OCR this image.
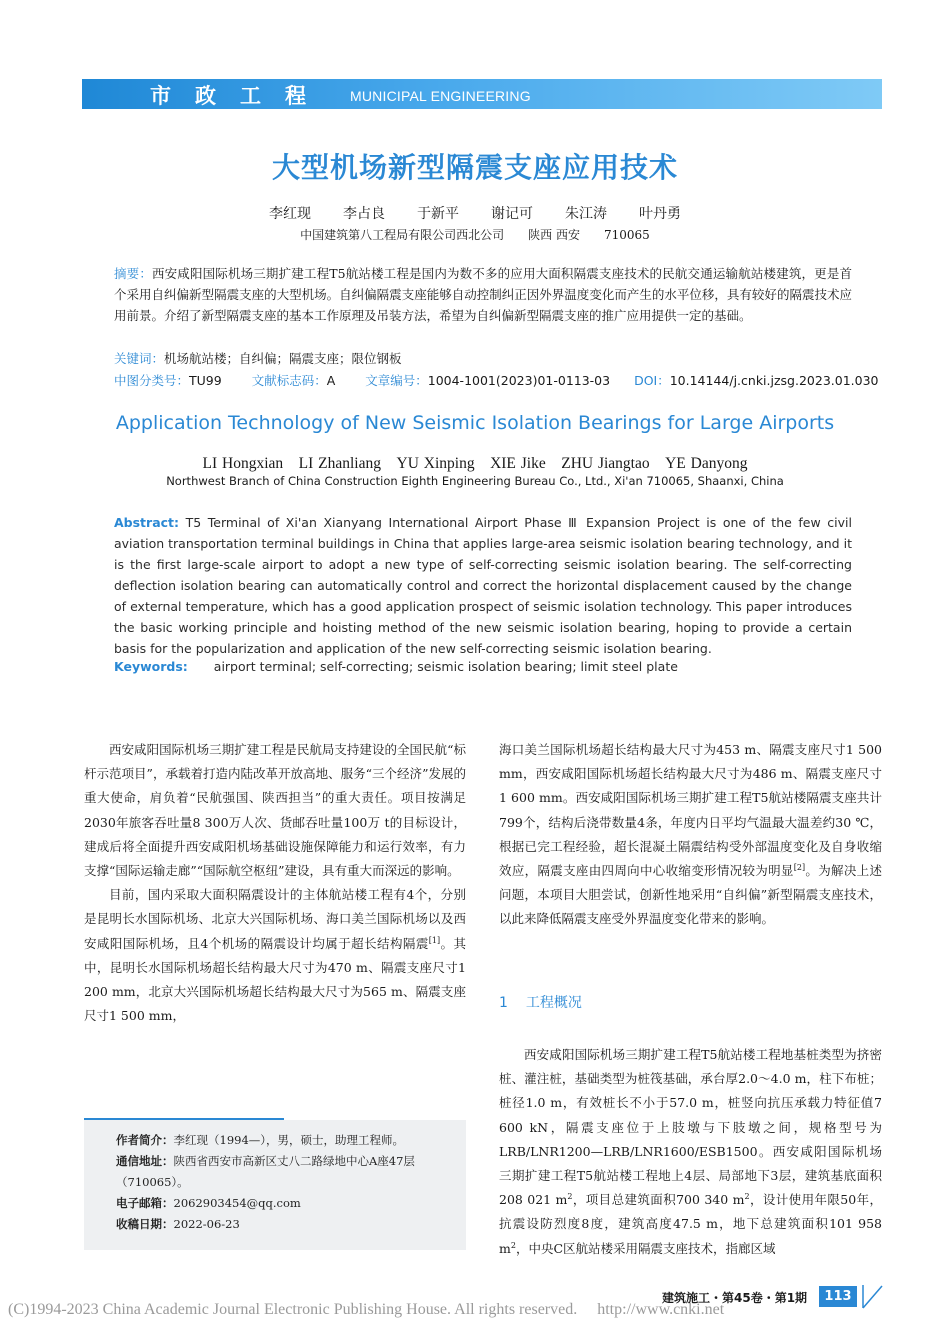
市政工程 MUNICIPAL ENGINEERING
大型机场新型隔震支座应用技术
李红现 李占良 于新平 谢记可 朱江涛 叶丹勇
中国建筑第八工程局有限公司西北公司　　陕西 西安　　710065
摘要：西安咸阳国际机场三期扩建工程T5航站楼工程是国内为数不多的应用大面积隔震支座技术的民航交通运输航站楼建筑，更是首个采用自纠偏新型隔震支座的大型机场。自纠偏隔震支座能够自动控制纠正因外界温度变化而产生的水平位移，具有较好的隔震技术应用前景。介绍了新型隔震支座的基本工作原理及吊装方法，希望为自纠偏新型隔震支座的推广应用提供一定的基础。
关键词：机场航站楼；自纠偏；隔震支座；限位钢板
中图分类号：TU99 文献标志码：A 文章编号：1004-1001(2023)01-0113-03 DOI：10.14144/j.cnki.jzsg.2023.01.030
Application Technology of New Seismic Isolation Bearings for Large Airports
LI Hongxian　LI Zhanliang　YU Xinping　XIE Jike　ZHU Jiangtao　YE Danyong
Northwest Branch of China Construction Eighth Engineering Bureau Co., Ltd., Xi'an 710065, Shaanxi, China
Abstract: T5 Terminal of Xi'an Xianyang International Airport Phase Ⅲ Expansion Project is one of the few civil aviation transportation terminal buildings in China that applies large-area seismic isolation bearing technology, and it is the first large-scale airport to adopt a new type of self-correcting seismic isolation bearing. The self-correcting deflection isolation bearing can automatically control and correct the horizontal displacement caused by the change of external temperature, which has a good application prospect of seismic isolation technology. This paper introduces the basic working principle and hoisting method of the new seismic isolation bearing, hoping to provide a certain basis for the popularization and application of the new self-correcting seismic isolation bearing.
Keywords: airport terminal; self-correcting; seismic isolation bearing; limit steel plate

西安咸阳国际机场三期扩建工程是民航局支持建设的全国民航“标杆示范项目”，承载着打造内陆改革开放高地、服务“三个经济”发展的重大使命，肩负着“民航强国、陕西担当”的重大责任。项目按满足2030年旅客吞吐量8 300万人次、货邮吞吐量100万 t的目标设计，建成后将全面提升西安咸阳机场基础设施保障能力和运行效率，有力支撑“国际运输走廊”“国际航空枢纽”建设，具有重大而深远的影响。

目前，国内采取大面积隔震设计的主体航站楼工程有4个，分别是昆明长水国际机场、北京大兴国际机场、海口美兰国际机场以及西安咸阳国际机场，且4个机场的隔震设计均属于超长结构隔震[1]。其中，昆明长水国际机场超长结构最大尺寸为470 m、隔震支座尺寸1 200 mm，北京大兴国际机场超长结构最大尺寸为565 m、隔震支座尺寸1 500 mm，

海口美兰国际机场超长结构最大尺寸为453 m、隔震支座尺寸1 500 mm，西安咸阳国际机场超长结构最大尺寸为486 m、隔震支座尺寸1 600 mm。西安咸阳国际机场三期扩建工程T5航站楼隔震支座共计799个，结构后浇带数量4条，年度内日平均气温最大温差约30 ℃，根据已完工程经验，超长混凝土隔震结构受外部温度变化及自身收缩效应，隔震支座由四周向中心收缩变形情况较为明显[2]。为解决上述问题，本项目大胆尝试，创新性地采用“自纠偏”新型隔震支座技术，以此来降低隔震支座受外界温度变化带来的影响。

1 工程概况

西安咸阳国际机场三期扩建工程T5航站楼工程地基桩类型为挤密桩、灌注桩，基础类型为桩筏基础，承台厚2.0～4.0 m，柱下布桩；桩径1.0 m，有效桩长不小于57.0 m，桩竖向抗压承载力特征值7 600 kN，隔震支座位于上肢墩与下肢墩之间，规格型号为LRB/LNR1200—LRB/LNR1600/ESB1500。西安咸阳国际机场三期扩建工程T5航站楼工程地上4层、局部地下3层，建筑基底面积208 021 $m^2$，项目总建筑面积700 340 $m^2$，设计使用年限50年，抗震设防烈度8度，建筑高度47.5 m，地下总建筑面积101 958 $m^2$，中央C区航站楼采用隔震支座技术，指廊区域

作者简介：李红现（1994—），男，硕士，助理工程师。
通信地址：陕西省西安市高新区丈八二路绿地中心A座47层（710065）。
电子邮箱：2062903454@qq.com
收稿日期：2022-06-23
建筑施工・第45卷・第1期	113
(C)1994-2023 China Academic Journal Electronic Publishing House. All rights reserved.　 http://www.cnki.net
